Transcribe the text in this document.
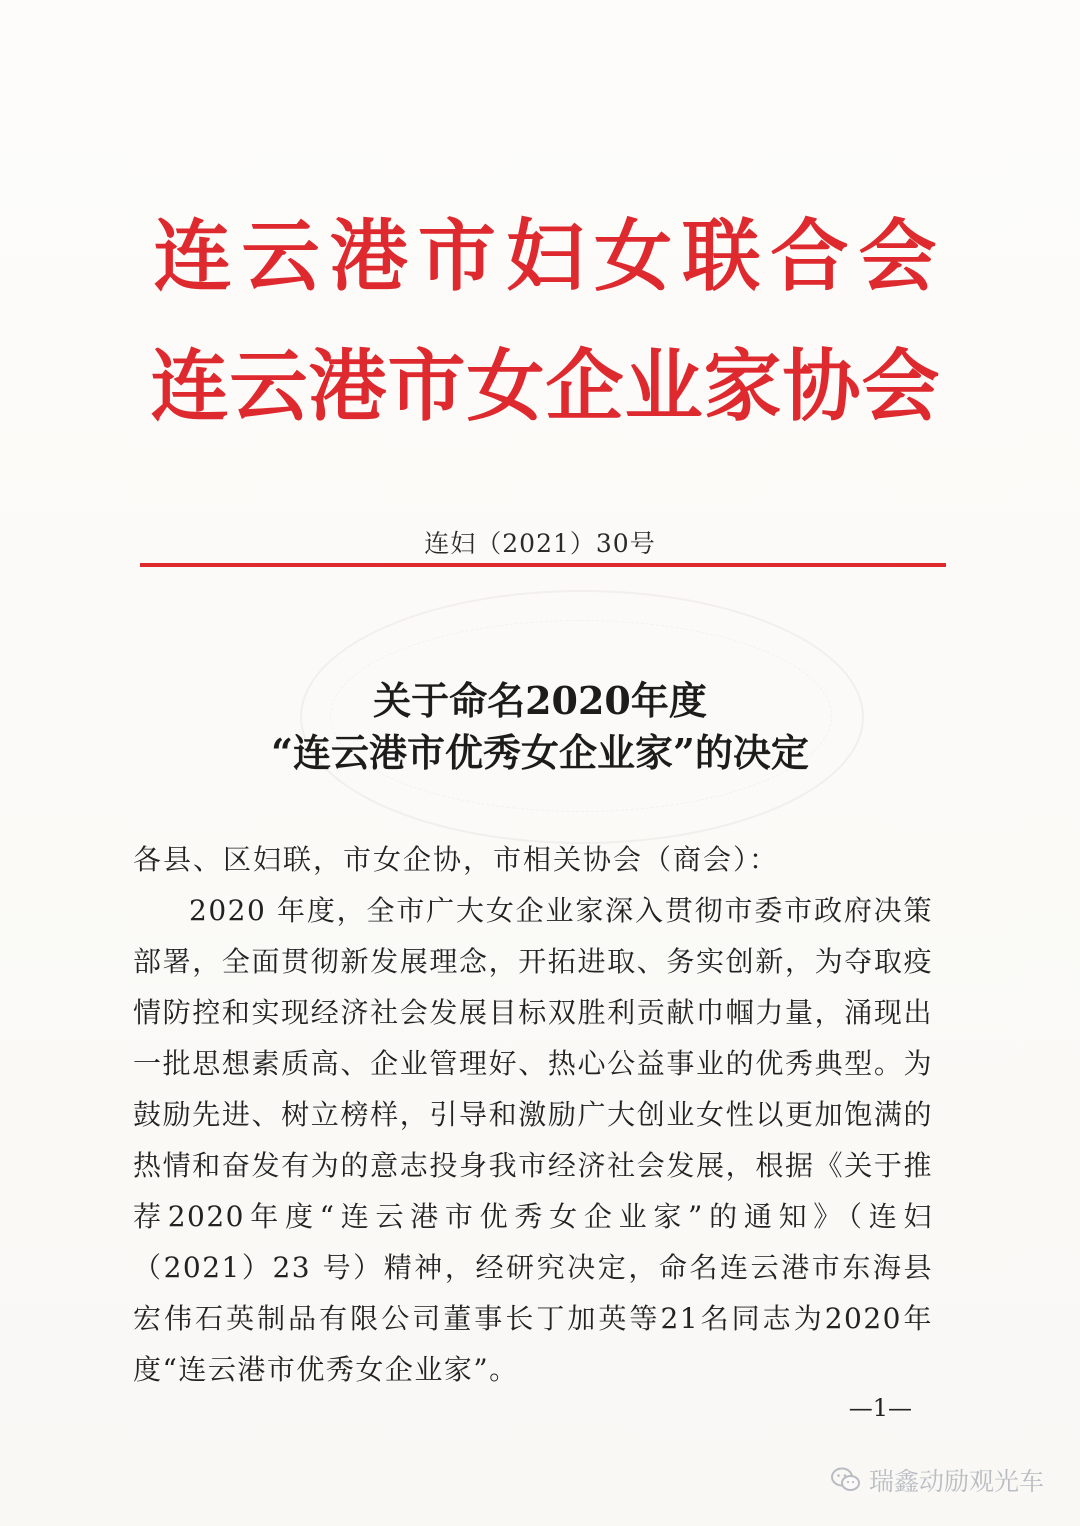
连 云 港 市 妇 女 联 合 会
连 云 港 市 女 企 业 家 协 会
连妇（2021）30号
关于命名2020年度
“连云港市优秀女企业家”的决定

各县、区妇联，市女企协，市相关协会（商会）：

2020 年度，全市广大女企业家深入贯彻市委市政府决策部署，全面贯彻新发展理念，开拓进取、务实创新，为夺取疫情防控和实现经济社会发展目标双胜利贡献巾帼力量，涌现出一批思想素质高、企业管理好、热心公益事业的优秀典型。为鼓励先进、树立榜样，引导和激励广大创业女性以更加饱满的热情和奋发有为的意志投身我市经济社会发展，根据《关于推荐2020年度“连云港市优秀女企业家”的通知》（连妇（2021）23 号）精神，经研究决定，命名连云港市东海县宏伟石英制品有限公司董事长丁加英等21名同志为2020年度“连云港市优秀女企业家”。

—1—
瑞鑫动励观光车
